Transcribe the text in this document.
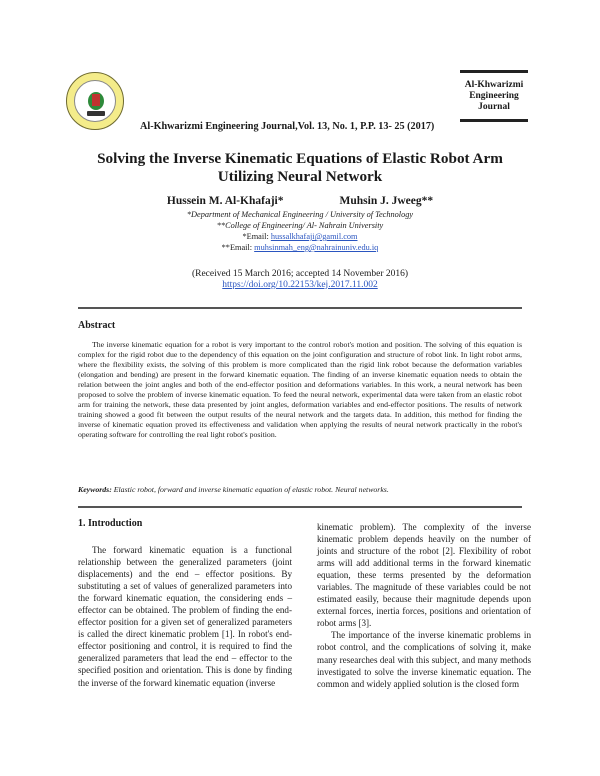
Al-Khwarizmi Engineering Journal,Vol. 13, No. 1, P.P. 13- 25 (2017)
Al-Khwarizmi
Engineering
Journal
Solving the Inverse Kinematic Equations of Elastic Robot Arm
Utilizing Neural Network
Hussein M. Al-Khafaji*	Muhsin J. Jweeg**
*Department of Mechanical Engineering / University of Technology
**College of Engineering/ Al- Nahrain University
*Email: hussalkhafaji@gamil.com
**Email: muhsinmah_eng@nahrainuniv.edu.iq
(Received 15 March 2016; accepted 14 November 2016)
https://doi.org/10.22153/kej.2017.11.002
Abstract

The inverse kinematic equation for a robot is very important to the control robot's motion and position. The solving of this equation is complex for the rigid robot due to the dependency of this equation on the joint configuration and structure of robot link. In light robot arms, where the flexibility exists, the solving of this problem is more complicated than the rigid link robot because the deformation variables (elongation and bending) are present in the forward kinematic equation. The finding of an inverse kinematic equation needs to obtain the relation between the joint angles and both of the end-effector position and deformations variables. In this work, a neural network has been proposed to solve the problem of inverse kinematic equation. To feed the neural network, experimental data were taken from an elastic robot arm for training the network, these data presented by joint angles, deformation variables and end-effector positions. The results of network training showed a good fit between the output results of the neural network and the targets data. In addition, this method for finding the inverse of kinematic equation proved its effectiveness and validation when applying the results of neural network practically in the robot's operating software for controlling the real light robot's position.

Keywords: Elastic robot, forward and inverse kinematic equation of elastic robot. Neural networks.
1. Introduction

The forward kinematic equation is a functional relationship between the generalized parameters (joint displacements) and the end – effector positions. By substituting a set of values of generalized parameters into the forward kinematic equation, the considering ends – effector can be obtained. The problem of finding the end-effector position for a given set of generalized parameters is called the direct kinematic problem [1]. In robot's end-effector positioning and control, it is required to find the generalized parameters that lead the end – effector to the specified position and orientation. This is done by finding the inverse of the forward kinematic equation (inverse

kinematic problem). The complexity of the inverse kinematic problem depends heavily on the number of joints and structure of the robot [2]. Flexibility of robot arms will add additional terms in the forward kinematic equation, these terms presented by the deformation variables. The magnitude of these variables could be not estimated easily, because their magnitude depends upon external forces, inertia forces, positions and orientation of robot arms [3].

The importance of the inverse kinematic problems in robot control, and the complications of solving it, make many researches deal with this subject, and many methods investigated to solve the inverse kinematic equation. The common and widely applied solution is the closed form
